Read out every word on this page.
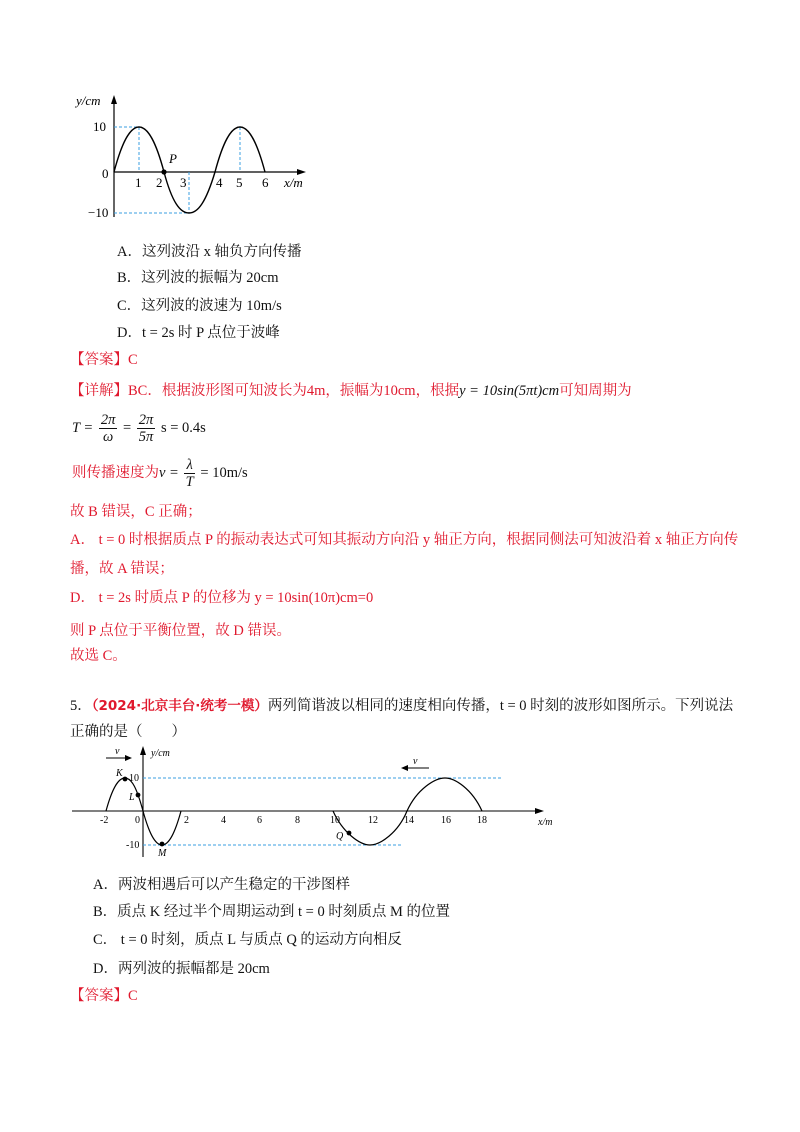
P
y/cm
10
0
−10
1 2 3 4 5 6 x/m
A．这列波沿 x 轴负方向传播
B．这列波的振幅为 20cm
C．这列波的波速为 10m/s
D．t = 2s 时 P 点位于波峰
【答案】C
【详解】BC．根据波形图可知波长为4m，振幅为10cm，根据y = 10sin(5πt)cm可知周期为
$T = \frac{2\pi}{\omega} = \frac{2\pi}{5\pi}$ s = 0.4s
则传播速度为$v = \frac{\lambda}{T} = 10m/s$
故 B 错误，C 正确；
A． t = 0 时根据质点 P 的振动表达式可知其振动方向沿 y 轴正方向，根据同侧法可知波沿着 x 轴正方向传
播，故 A 错误；
D． t = 2s 时质点 P 的位移为 y = 10sin(10π)cm=0
则 P 点位于平衡位置，故 D 错误。
故选 C。
5．（2024·北京丰台·统考一模）两列简谐波以相同的速度相向传播，t = 0 时刻的波形如图所示。下列说法
正确的是（　　）
K
L
M
Q
v
v
y/cm
10
-10
0
-2	2	4	6	8	10	12	14	16	18	x/m
A．两波相遇后可以产生稳定的干涉图样
B．质点 K 经过半个周期运动到 t = 0 时刻质点 M 的位置
C． t = 0 时刻，质点 L 与质点 Q 的运动方向相反
D．两列波的振幅都是 20cm
【答案】C
